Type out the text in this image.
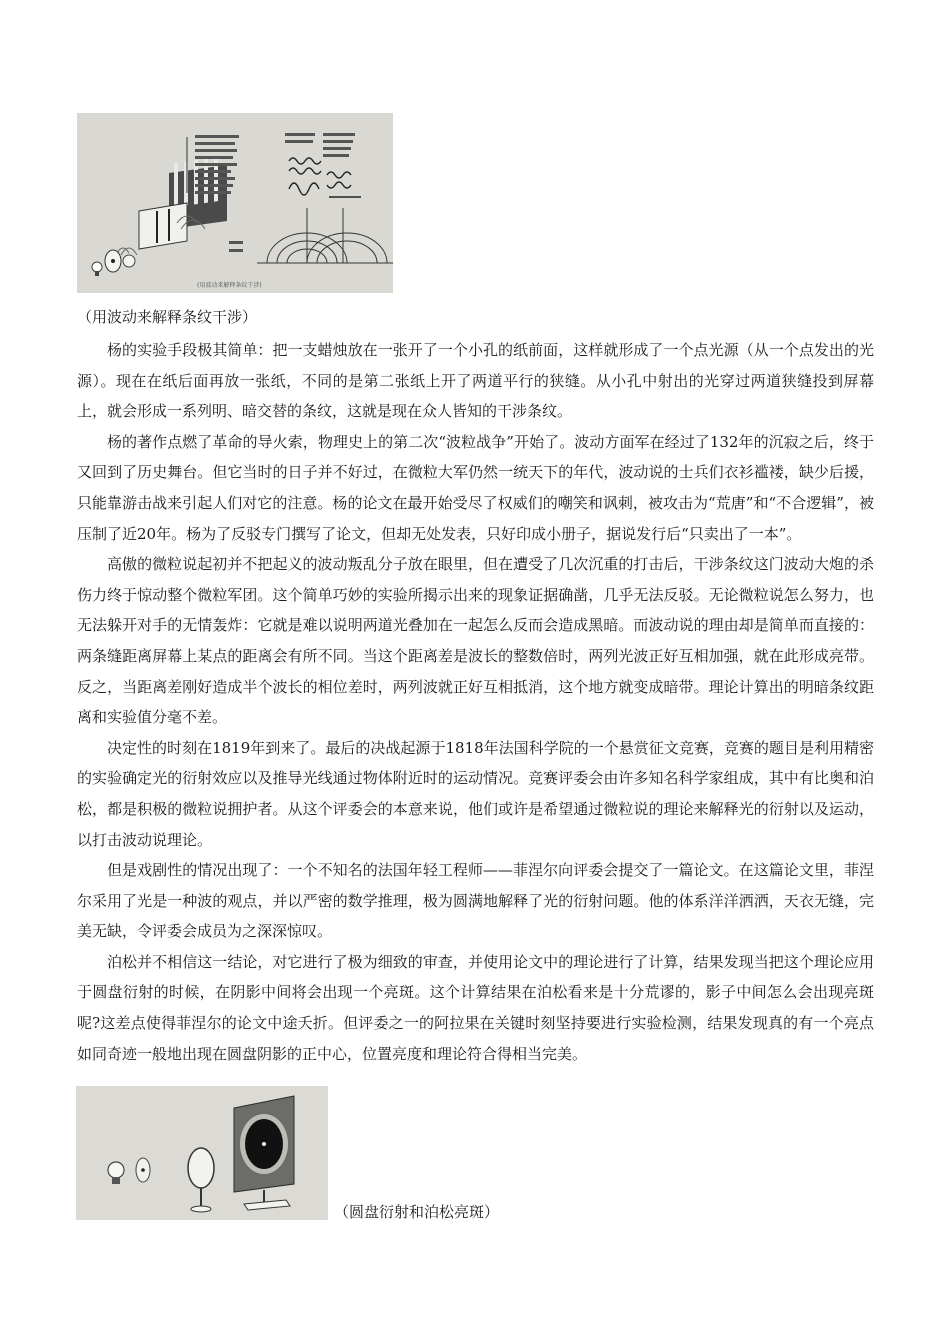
(用波动来解释条纹干涉)
（用波动来解释条纹干涉）

杨的实验手段极其简单：把一支蜡烛放在一张开了一个小孔的纸前面，这样就形成了一个点光源（从一个点发出的光源）。现在在纸后面再放一张纸，不同的是第二张纸上开了两道平行的狭缝。从小孔中射出的光穿过两道狭缝投到屏幕上，就会形成一系列明、暗交替的条纹，这就是现在众人皆知的干涉条纹。

杨的著作点燃了革命的导火索，物理史上的第二次“波粒战争”开始了。波动方面军在经过了132年的沉寂之后，终于又回到了历史舞台。但它当时的日子并不好过，在微粒大军仍然一统天下的年代，波动说的士兵们衣衫褴褛，缺少后援，只能靠游击战来引起人们对它的注意。杨的论文在最开始受尽了权威们的嘲笑和讽刺，被攻击为“荒唐”和“不合逻辑”，被压制了近20年。杨为了反驳专门撰写了论文，但却无处发表，只好印成小册子，据说发行后“只卖出了一本”。

高傲的微粒说起初并不把起义的波动叛乱分子放在眼里，但在遭受了几次沉重的打击后，干涉条纹这门波动大炮的杀伤力终于惊动整个微粒军团。这个简单巧妙的实验所揭示出来的现象证据确凿，几乎无法反驳。无论微粒说怎么努力，也无法躲开对手的无情轰炸：它就是难以说明两道光叠加在一起怎么反而会造成黑暗。而波动说的理由却是简单而直接的：两条缝距离屏幕上某点的距离会有所不同。当这个距离差是波长的整数倍时，两列光波正好互相加强，就在此形成亮带。反之，当距离差刚好造成半个波长的相位差时，两列波就正好互相抵消，这个地方就变成暗带。理论计算出的明暗条纹距离和实验值分毫不差。

决定性的时刻在1819年到来了。最后的决战起源于1818年法国科学院的一个悬赏征文竞赛，竞赛的题目是利用精密的实验确定光的衍射效应以及推导光线通过物体附近时的运动情况。竞赛评委会由许多知名科学家组成，其中有比奥和泊松，都是积极的微粒说拥护者。从这个评委会的本意来说，他们或许是希望通过微粒说的理论来解释光的衍射以及运动，以打击波动说理论。

但是戏剧性的情况出现了：一个不知名的法国年轻工程师——菲涅尔向评委会提交了一篇论文。在这篇论文里，菲涅尔采用了光是一种波的观点，并以严密的数学推理，极为圆满地解释了光的衍射问题。他的体系洋洋洒洒，天衣无缝，完美无缺，令评委会成员为之深深惊叹。

泊松并不相信这一结论，对它进行了极为细致的审查，并使用论文中的理论进行了计算，结果发现当把这个理论应用于圆盘衍射的时候，在阴影中间将会出现一个亮斑。这个计算结果在泊松看来是十分荒谬的，影子中间怎么会出现亮斑呢?这差点使得菲涅尔的论文中途夭折。但评委之一的阿拉果在关键时刻坚持要进行实验检测，结果发现真的有一个亮点如同奇迹一般地出现在圆盘阴影的正中心，位置亮度和理论符合得相当完美。

（圆盘衍射和泊松亮斑）
